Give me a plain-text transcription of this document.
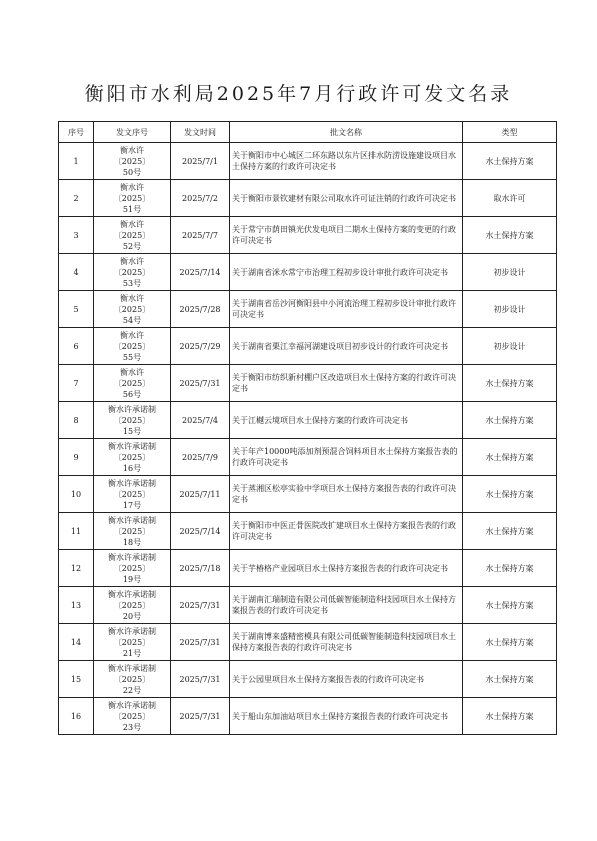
衡阳市水利局2025年7月行政许可发文名录
序号	发文序号	发文时间	批文名称	类型
1	衡水许
〔2025〕
50号	2025/7/1	关于衡阳市中心城区二环东路以东片区排水防涝设施建设项目水土保持方案的行政许可决定书	水土保持方案
2	衡水许
〔2025〕
51号	2025/7/2	关于衡阳市景钦建材有限公司取水许可证注销的行政许可决定书	取水许可
3	衡水许
〔2025〕
52号	2025/7/7	关于常宁市荫田镇光伏发电项目二期水土保持方案的变更的行政许可决定书	水土保持方案
4	衡水许
〔2025〕
53号	2025/7/14	关于湖南省洣水常宁市治理工程初步设计审批行政许可决定书	初步设计
5	衡水许
〔2025〕
54号	2025/7/28	关于湖南省岳沙河衡阳县中小河流治理工程初步设计审批行政许可决定书	初步设计
6	衡水许
〔2025〕
55号	2025/7/29	关于湖南省栗江幸福河湖建设项目初步设计的行政许可决定书	初步设计
7	衡水许
〔2025〕
56号	2025/7/31	关于衡阳市纺织新村棚户区改造项目水土保持方案的行政许可决定书	水土保持方案
8	衡水许承诺制
〔2025〕
15号	2025/7/4	关于江樾云境项目水土保持方案的行政许可决定书	水土保持方案
9	衡水许承诺制
〔2025〕
16号	2025/7/9	关于年产10000吨添加剂预混合饲料项目水土保持方案报告表的行政许可决定书	水土保持方案
10	衡水许承诺制
〔2025〕
17号	2025/7/11	关于蒸湘区松亭实验中学项目水土保持方案报告表的行政许可决定书	水土保持方案
11	衡水许承诺制
〔2025〕
18号	2025/7/14	关于衡阳市中医正骨医院改扩建项目水土保持方案报告表的行政许可决定书	水土保持方案
12	衡水许承诺制
〔2025〕
19号	2025/7/18	关于芋椿格产业园项目水土保持方案报告表的行政许可决定书	水土保持方案
13	衡水许承诺制
〔2025〕
20号	2025/7/31	关于湖南汇瑞制造有限公司低碳智能制造科技园项目水土保持方案报告表的行政许可决定书	水土保持方案
14	衡水许承诺制
〔2025〕
21号	2025/7/31	关于湖南博来盛精密模具有限公司低碳智能制造科技园项目水土保持方案报告表的行政许可决定书	水土保持方案
15	衡水许承诺制
〔2025〕
22号	2025/7/31	关于公园里项目水土保持方案报告表的行政许可决定书	水土保持方案
16	衡水许承诺制
〔2025〕
23号	2025/7/31	关于船山东加油站项目水土保持方案报告表的行政许可决定书	水土保持方案
